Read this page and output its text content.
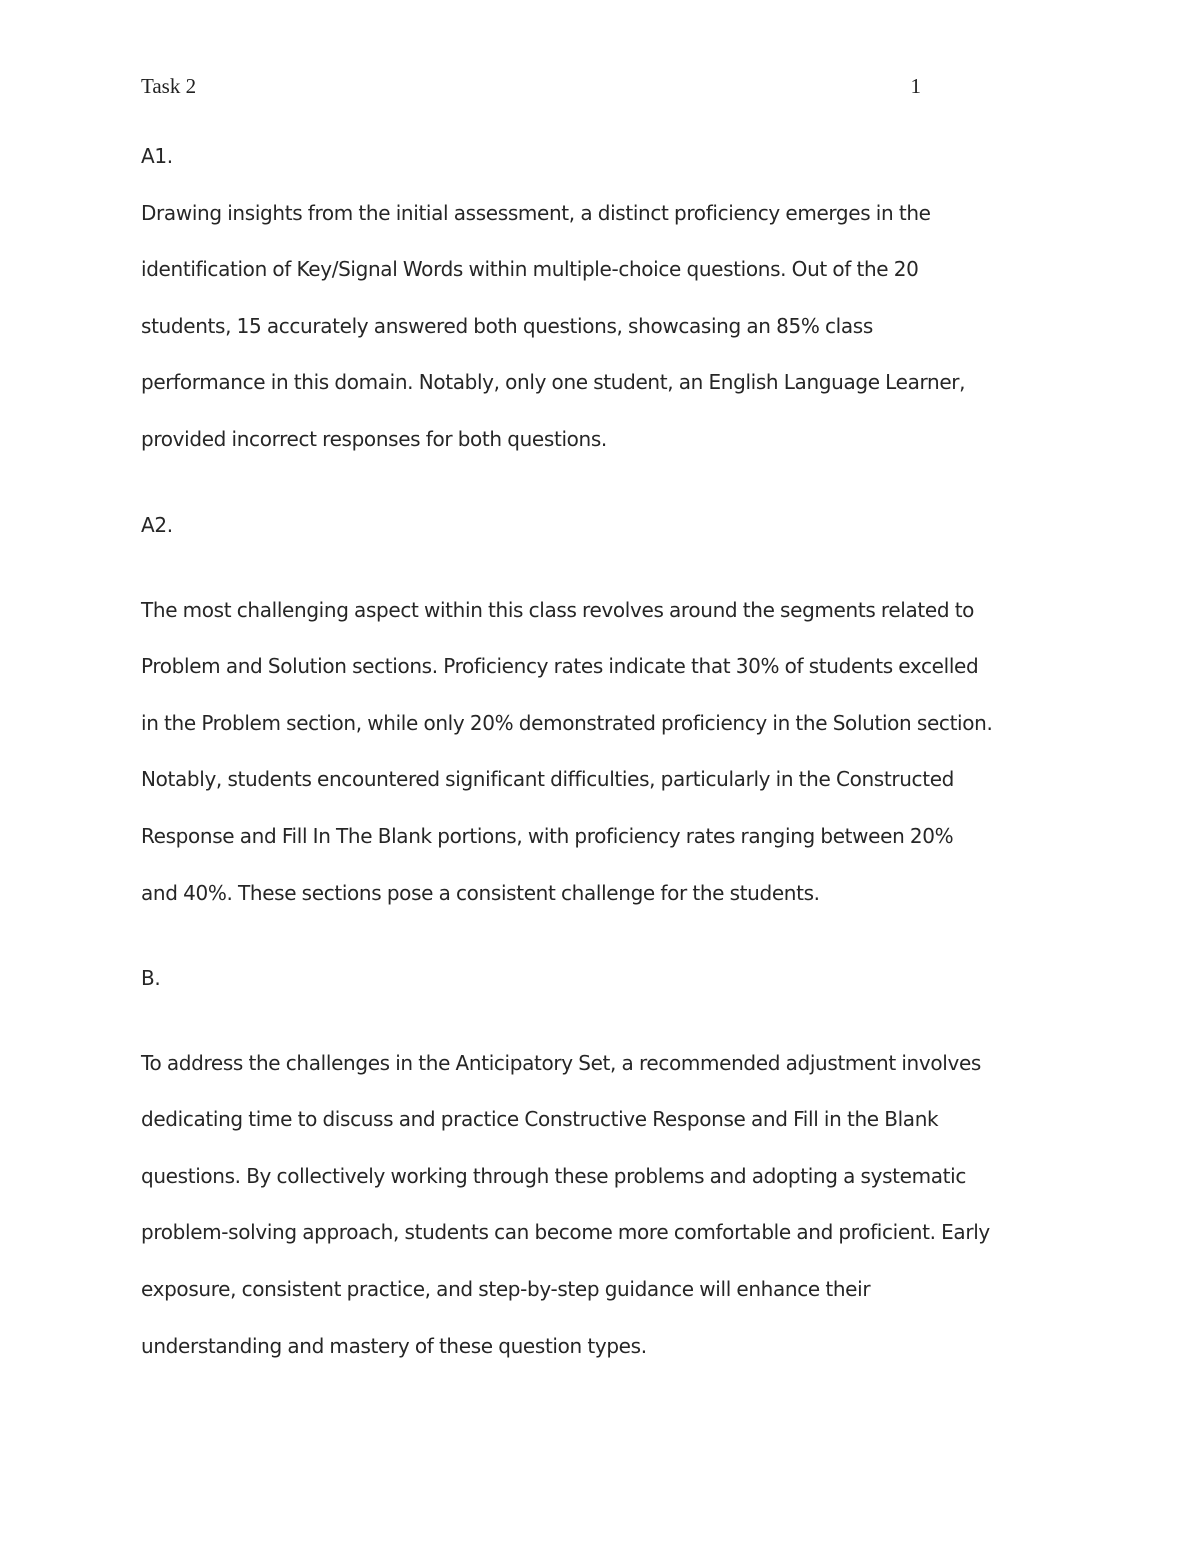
Task 2	1
A1.
Drawing insights from the initial assessment, a distinct proficiency emerges in the
identification of Key/Signal Words within multiple-choice questions. Out of the 20
students, 15 accurately answered both questions, showcasing an 85% class
performance in this domain. Notably, only one student, an English Language Learner,
provided incorrect responses for both questions.
A2.
The most challenging aspect within this class revolves around the segments related to
Problem and Solution sections. Proficiency rates indicate that 30% of students excelled
in the Problem section, while only 20% demonstrated proficiency in the Solution section.
Notably, students encountered significant difficulties, particularly in the Constructed
Response and Fill In The Blank portions, with proficiency rates ranging between 20%
and 40%. These sections pose a consistent challenge for the students.
B.
To address the challenges in the Anticipatory Set, a recommended adjustment involves
dedicating time to discuss and practice Constructive Response and Fill in the Blank
questions. By collectively working through these problems and adopting a systematic
problem-solving approach, students can become more comfortable and proficient. Early
exposure, consistent practice, and step-by-step guidance will enhance their
understanding and mastery of these question types.
